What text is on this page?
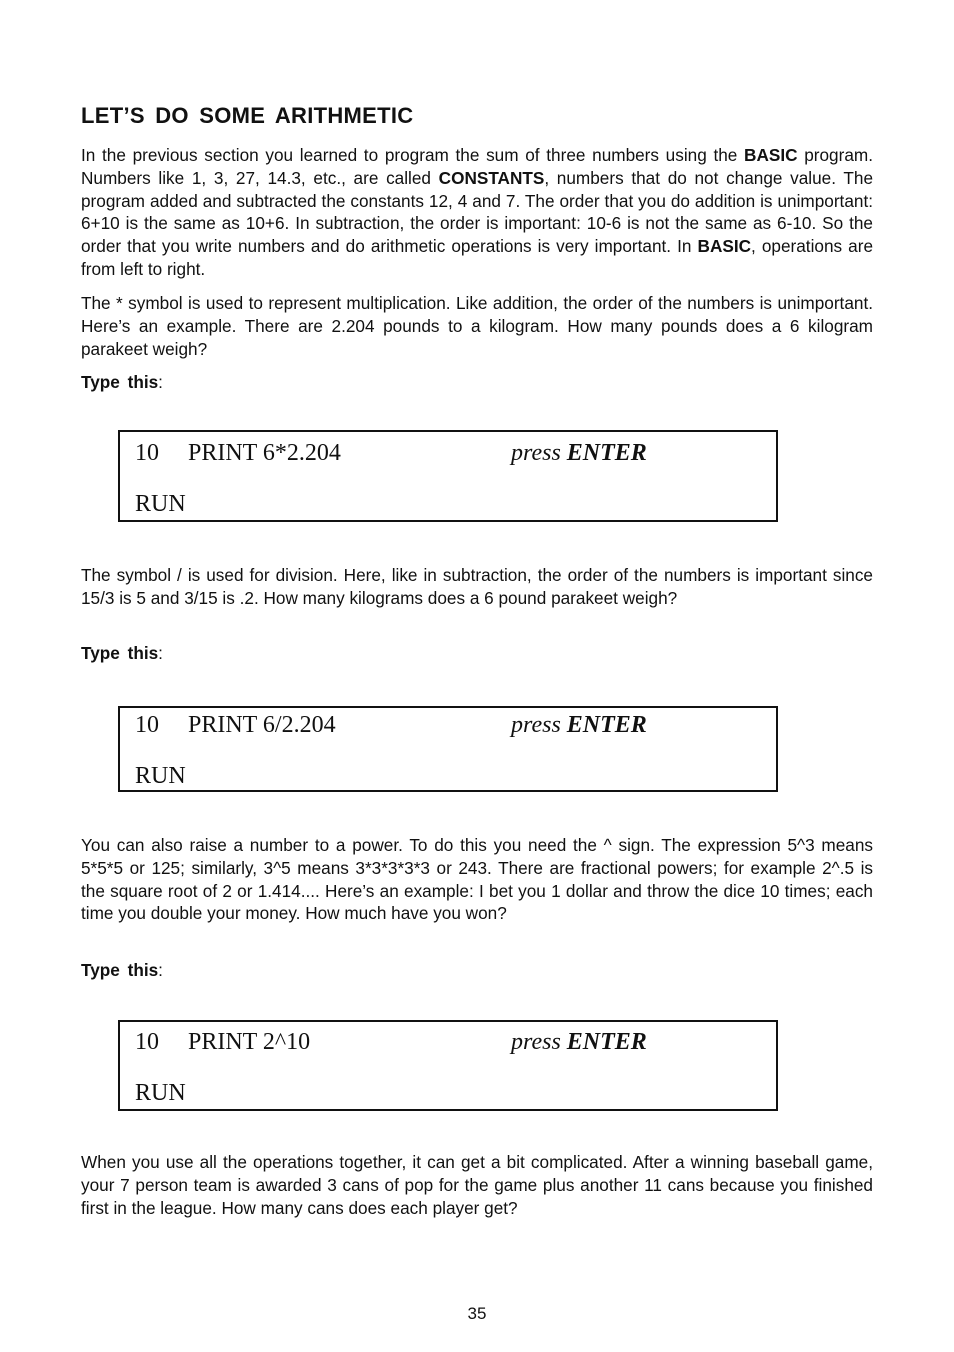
LET’S DO SOME ARITHMETIC

In the previous section you learned to program the sum of three numbers using the BASIC program. Numbers like 1, 3, 27, 14.3, etc., are called CONSTANTS, numbers that do not change value. The program added and subtracted the constants 12, 4 and 7. The order that you do addition is unimportant: 6+10 is the same as 10+6. In subtraction, the order is important: 10-6 is not the same as 6-10. So the order that you write numbers and do arithmetic operations is very important. In BASIC, operations are from left to right.

The * symbol is used to represent multiplication. Like addition, the order of the numbers is unimportant. Here’s an example. There are 2.204 pounds to a kilogram. How many pounds does a 6 kilogram parakeet weigh?

Type this:

10 PRINT 6*2.204	press ENTER
RUN

The symbol / is used for division. Here, like in subtraction, the order of the numbers is important since 15/3 is 5 and 3/15 is .2. How many kilograms does a 6 pound parakeet weigh?

Type this:

10 PRINT 6/2.204	press ENTER
RUN

You can also raise a number to a power. To do this you need the ^ sign. The expression 5^3 means 5*5*5 or 125; similarly, 3^5 means 3*3*3*3*3 or 243. There are fractional powers; for example 2^.5 is the square root of 2 or 1.414.... Here’s an example: I bet you 1 dollar and throw the dice 10 times; each time you double your money. How much have you won?

Type this:

10 PRINT 2^10	press ENTER
RUN

When you use all the operations together, it can get a bit complicated. After a winning baseball game, your 7 person team is awarded 3 cans of pop for the game plus another 11 cans because you finished first in the league. How many cans does each player get?

35
